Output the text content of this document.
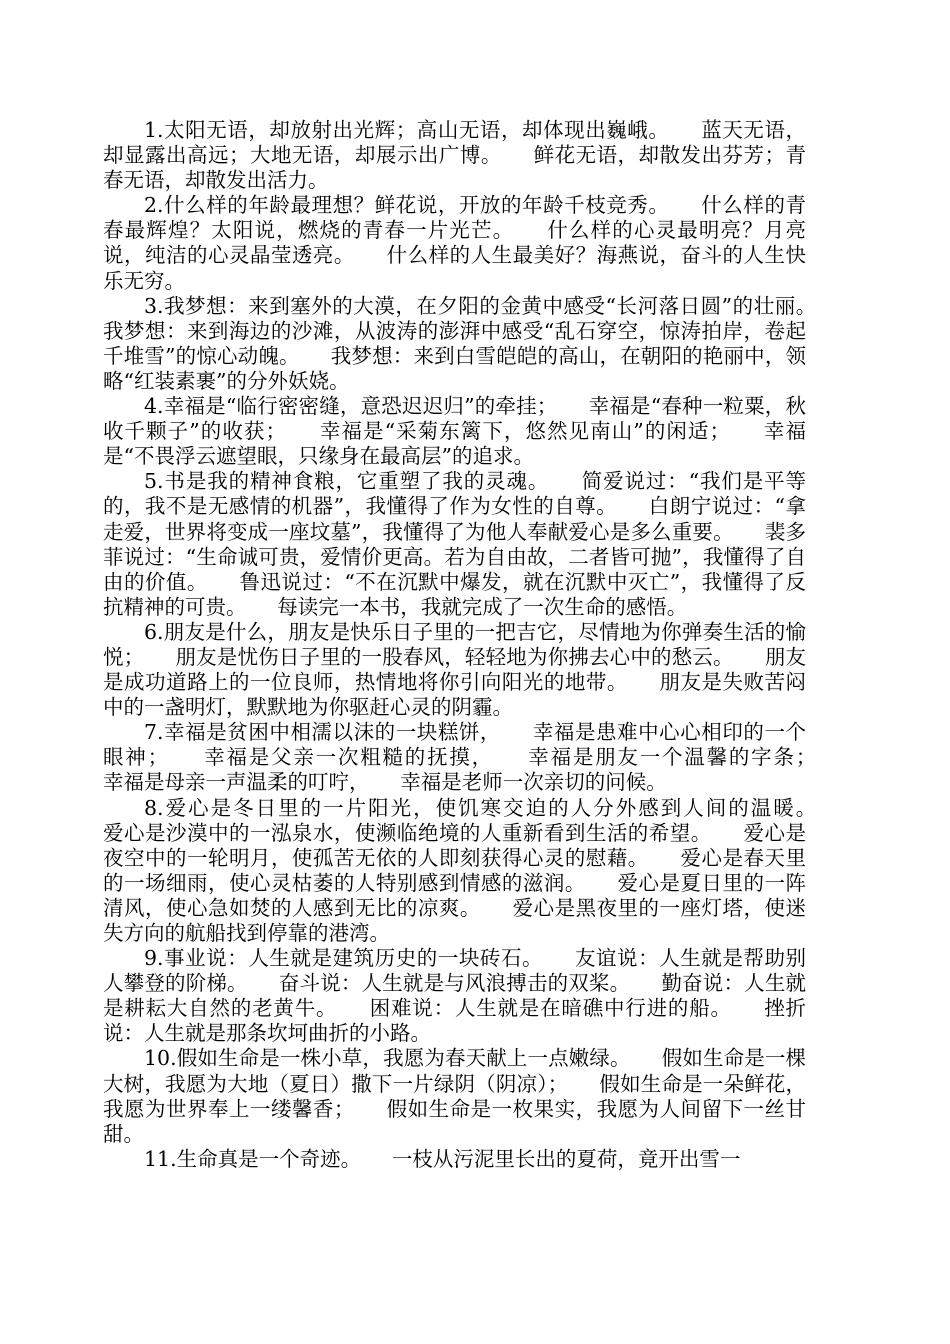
1.太阳无语，却放射出光辉；高山无语，却体现出巍峨。　　蓝天无语，却显露出高远；大地无语，却展示出广博。　　鲜花无语，却散发出芬芳；青春无语，却散发出活力。

2.什么样的年龄最理想？鲜花说，开放的年龄千枝竞秀。　　什么样的青春最辉煌？太阳说，燃烧的青春一片光芒。　　什么样的心灵最明亮？月亮说，纯洁的心灵晶莹透亮。　　什么样的人生最美好？海燕说，奋斗的人生快乐无穷。

3.我梦想：来到塞外的大漠，在夕阳的金黄中感受“长河落日圆”的壮丽。　　我梦想：来到海边的沙滩，从波涛的澎湃中感受“乱石穿空，惊涛拍岸，卷起千堆雪”的惊心动魄。　　我梦想：来到白雪皑皑的高山，在朝阳的艳丽中，领略“红装素裹”的分外妖娆。

4.幸福是“临行密密缝，意恐迟迟归”的牵挂；　　幸福是“春种一粒粟，秋收千颗子”的收获；　　幸福是“采菊东篱下，悠然见南山”的闲适；　　幸福是“不畏浮云遮望眼，只缘身在最高层”的追求。

5.书是我的精神食粮，它重塑了我的灵魂。　　简爱说过：“我们是平等的，我不是无感情的机器”，我懂得了作为女性的自尊。　　白朗宁说过：“拿走爱，世界将变成一座坟墓”，我懂得了为他人奉献爱心是多么重要。　　裴多菲说过：“生命诚可贵，爱情价更高。若为自由故，二者皆可抛”，我懂得了自由的价值。　　鲁迅说过：“不在沉默中爆发，就在沉默中灭亡”，我懂得了反抗精神的可贵。　　每读完一本书，我就完成了一次生命的感悟。

6.朋友是什么，朋友是快乐日子里的一把吉它，尽情地为你弹奏生活的愉悦；　　朋友是忧伤日子里的一股春风，轻轻地为你拂去心中的愁云。　　朋友是成功道路上的一位良师，热情地将你引向阳光的地带。　　朋友是失败苦闷中的一盏明灯，默默地为你驱赶心灵的阴霾。

7.幸福是贫困中相濡以沫的一块糕饼，　　幸福是患难中心心相印的一个眼神；　　幸福是父亲一次粗糙的抚摸，　　幸福是朋友一个温馨的字条；　　幸福是母亲一声温柔的叮咛，　　幸福是老师一次亲切的问候。

8.爱心是冬日里的一片阳光，使饥寒交迫的人分外感到人间的温暖。　　爱心是沙漠中的一泓泉水，使濒临绝境的人重新看到生活的希望。　　爱心是夜空中的一轮明月，使孤苦无依的人即刻获得心灵的慰藉。　　爱心是春天里的一场细雨，使心灵枯萎的人特别感到情感的滋润。　　爱心是夏日里的一阵清风，使心急如焚的人感到无比的凉爽。　　爱心是黑夜里的一座灯塔，使迷失方向的航船找到停靠的港湾。

9.事业说：人生就是建筑历史的一块砖石。　　友谊说：人生就是帮助别人攀登的阶梯。　　奋斗说：人生就是与风浪搏击的双桨。　　勤奋说：人生就是耕耘大自然的老黄牛。　　困难说：人生就是在暗礁中行进的船。　　挫折说：人生就是那条坎坷曲折的小路。

10.假如生命是一株小草，我愿为春天献上一点嫩绿。　　假如生命是一棵大树，我愿为大地（夏日）撒下一片绿阴（阴凉）；　　假如生命是一朵鲜花，我愿为世界奉上一缕馨香；　　假如生命是一枚果实，我愿为人间留下一丝甘甜。

11.生命真是一个奇迹。　　一枝从污泥里长出的夏荷，竟开出雪一
